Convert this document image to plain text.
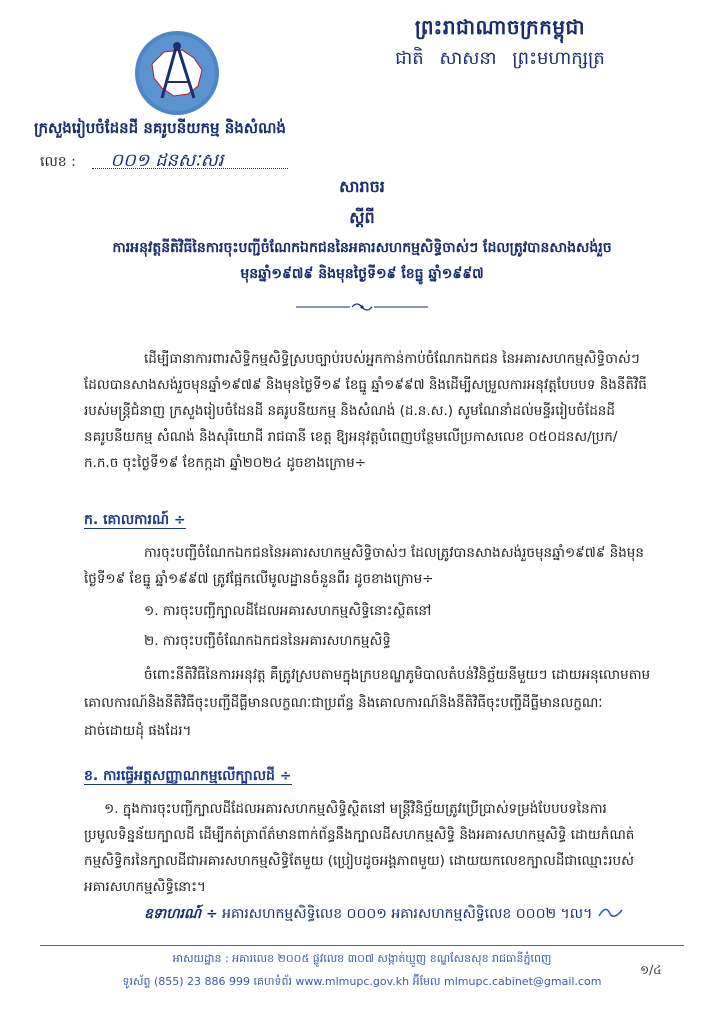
ព្រះរាជាណាចក្រកម្ពុជា
ជាតិ សាសនា ព្រះមហាក្សត្រ
ក្រសួងរៀបចំដែនដី នគរូបនីយកម្ម និងសំណង់
លេខ : ០០១ ដនសៈសរ
សារាចរ
ស្តីពី
ការអនុវត្តនីតិវិធីនៃការចុះបញ្ជីចំណែកឯកជននៃអគារសហកម្មសិទ្ធិចាស់ៗ ដែលត្រូវបានសាងសង់រួច
មុនឆ្នាំ១៩៧៩ និងមុនថ្ងៃទី១៩ ខែធ្នូ ឆ្នាំ១៩៩៧
ដើម្បីធានាការពារសិទ្ធិកម្មសិទ្ធិស្របច្បាប់របស់អ្នកកាន់កាប់ចំណែកឯកជន នៃអគារសហកម្មសិទ្ធិចាស់ៗ
ដែលបានសាងសង់រួចមុនឆ្នាំ១៩៧៩ និងមុនថ្ងៃទី១៩ ខែធ្នូ ឆ្នាំ១៩៩៧ និងដើម្បីសម្រួលការអនុវត្តបែបបទ និងនីតិវិធី
របស់មន្ត្រីជំនាញ ក្រសួងរៀបចំដែនដី នគរូបនីយកម្ម និងសំណង់ (ដ.ន.ស.) សូមណែនាំដល់មន្ទីររៀបចំដែនដី
នគរូបនីយកម្ម សំណង់ និងសុរិយោដី រាជធានី ខេត្ត ឱ្យអនុវត្តបំពេញបន្ថែមលើប្រកាសលេខ ០៥០ដនស/ប្រក/
ក.ក.ច ចុះថ្ងៃទី១៩ ខែកក្កដា ឆ្នាំ២០២៤ ដូចខាងក្រោម÷
ក. គោលការណ៍ ÷
ការចុះបញ្ជីចំណែកឯកជននៃអគារសហកម្មសិទ្ធិចាស់ៗ ដែលត្រូវបានសាងសង់រួចមុនឆ្នាំ១៩៧៩ និងមុន
ថ្ងៃទី១៩ ខែធ្នូ ឆ្នាំ១៩៩៧ ត្រូវផ្អែកលើមូលដ្ឋានចំនួនពីរ ដូចខាងក្រោម÷
១. ការចុះបញ្ជីក្បាលដីដែលអគារសហកម្មសិទ្ធិនោះស្ថិតនៅ
២. ការចុះបញ្ជីចំណែកឯកជននៃអគារសហកម្មសិទ្ធិ
ចំពោះនីតិវិធីនៃការអនុវត្ត គឺត្រូវស្របតាមក្នុងក្របខណ្ឌភូមិបាលតំបន់វិនិច្ឆ័យនីមួយៗ ដោយអនុលោមតាម
គោលការណ៍និងនីតិវិធីចុះបញ្ជីដីធ្លីមានលក្ខណៈជាប្រព័ន្ធ និងគោលការណ៍និងនីតិវិធីចុះបញ្ជីដីធ្លីមានលក្ខណៈ
ដាច់ដោយដុំ ផងដែរ។
ខ. ការធ្វើអត្តសញ្ញាណកម្មលើក្បាលដី ÷
១. ក្នុងការចុះបញ្ជីក្បាលដីដែលអគារសហកម្មសិទ្ធិស្ថិតនៅ មន្ត្រីវិនិច្ឆ័យត្រូវប្រើប្រាស់ទម្រង់បែបបទនៃការ
ប្រមូលទិន្នន័យក្បាលដី ដើម្បីកត់ត្រាព័ត៌មានពាក់ព័ន្ធនឹងក្បាលដីសហកម្មសិទ្ធិ និងអគារសហកម្មសិទ្ធិ ដោយកំណត់
កម្មសិទ្ធិករនៃក្បាលដីជាអគារសហកម្មសិទ្ធិតែមួយ (ប្រៀបដូចអង្គភាពមួយ) ដោយយកលេខក្បាលដីជាឈ្មោះរបស់
អគារសហកម្មសិទ្ធិនោះ។
ឧទាហរណ៍ ÷ អគារសហកម្មសិទ្ធិលេខ ០០០១ អគារសហកម្មសិទ្ធិលេខ ០០០២ ។ល។
អាសយដ្ឋាន : អគារលេខ ២០០៥ ផ្លូវលេខ ៣០៧ សង្កាត់ឃ្មួញ ខណ្ឌសែនសុខ រាជធានីភ្នំពេញ
ទូរស័ព្ទ (855) 23 886 999 គេហទំព័រ www.mlmupc.gov.kh អ៊ីមែល mlmupc.cabinet@gmail.com
១/៤
